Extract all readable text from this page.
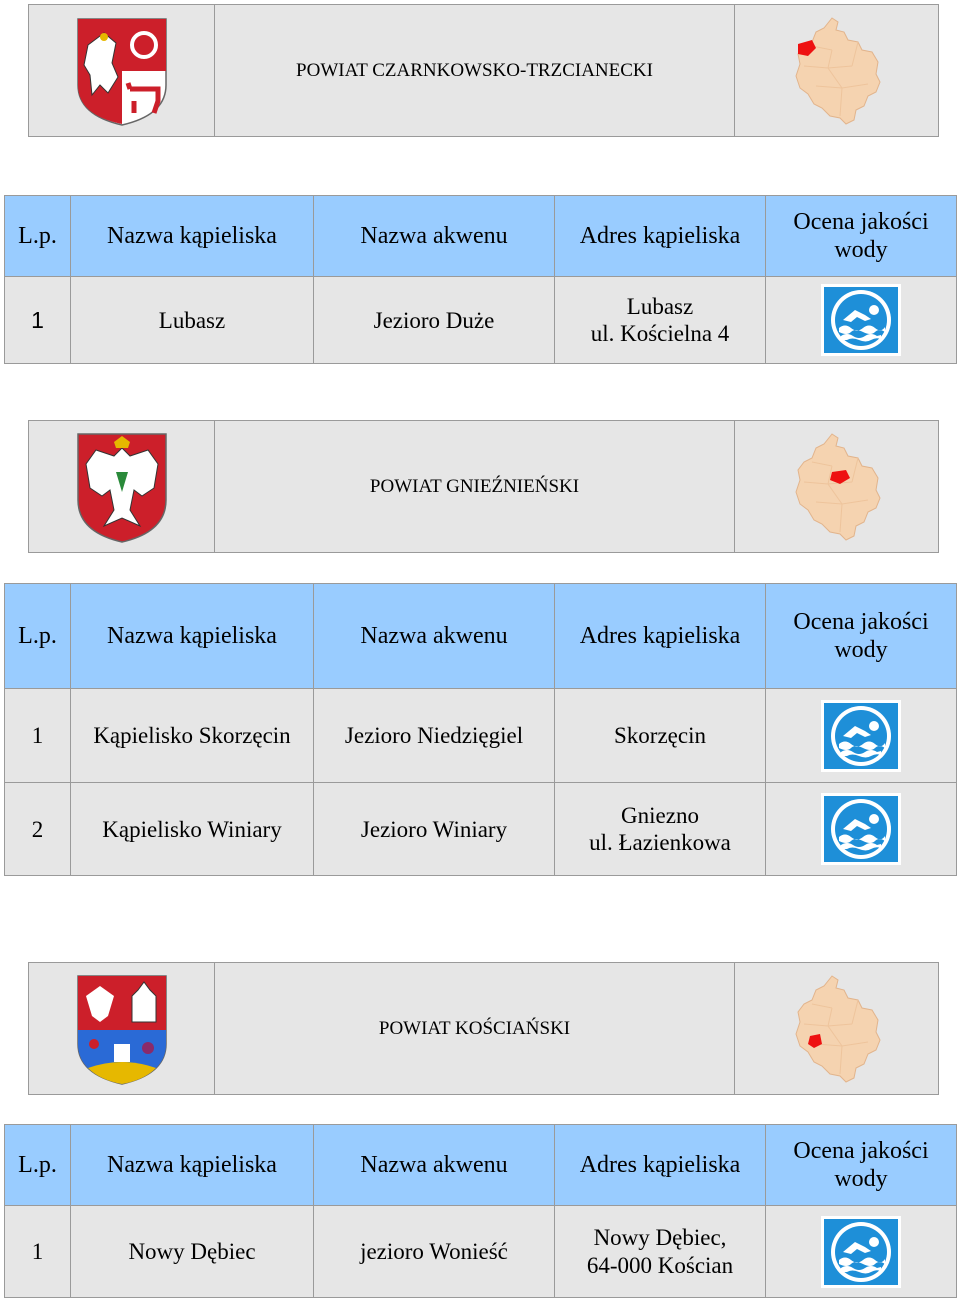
POWIAT CZARNKOWSKO-TRZCIANECKI
L.p.	Nazwa kąpieliska	Nazwa akwenu	Adres kąpieliska	Ocena jakości wody
1	Lubasz	Jezioro Duże	Lubasz
ul. Kościelna 4	
POWIAT GNIEŹNIEŃSKI
L.p.	Nazwa kąpieliska	Nazwa akwenu	Adres kąpieliska	Ocena jakości wody
1	Kąpielisko Skorzęcin	Jezioro Niedzięgiel	Skorzęcin	
2	Kąpielisko Winiary	Jezioro Winiary	Gniezno
ul. Łazienkowa	
POWIAT KOŚCIAŃSKI
L.p.	Nazwa kąpieliska	Nazwa akwenu	Adres kąpieliska	Ocena jakości wody
1	Nowy Dębiec	jezioro Wonieść	Nowy Dębiec,
64-000 Kościan	
